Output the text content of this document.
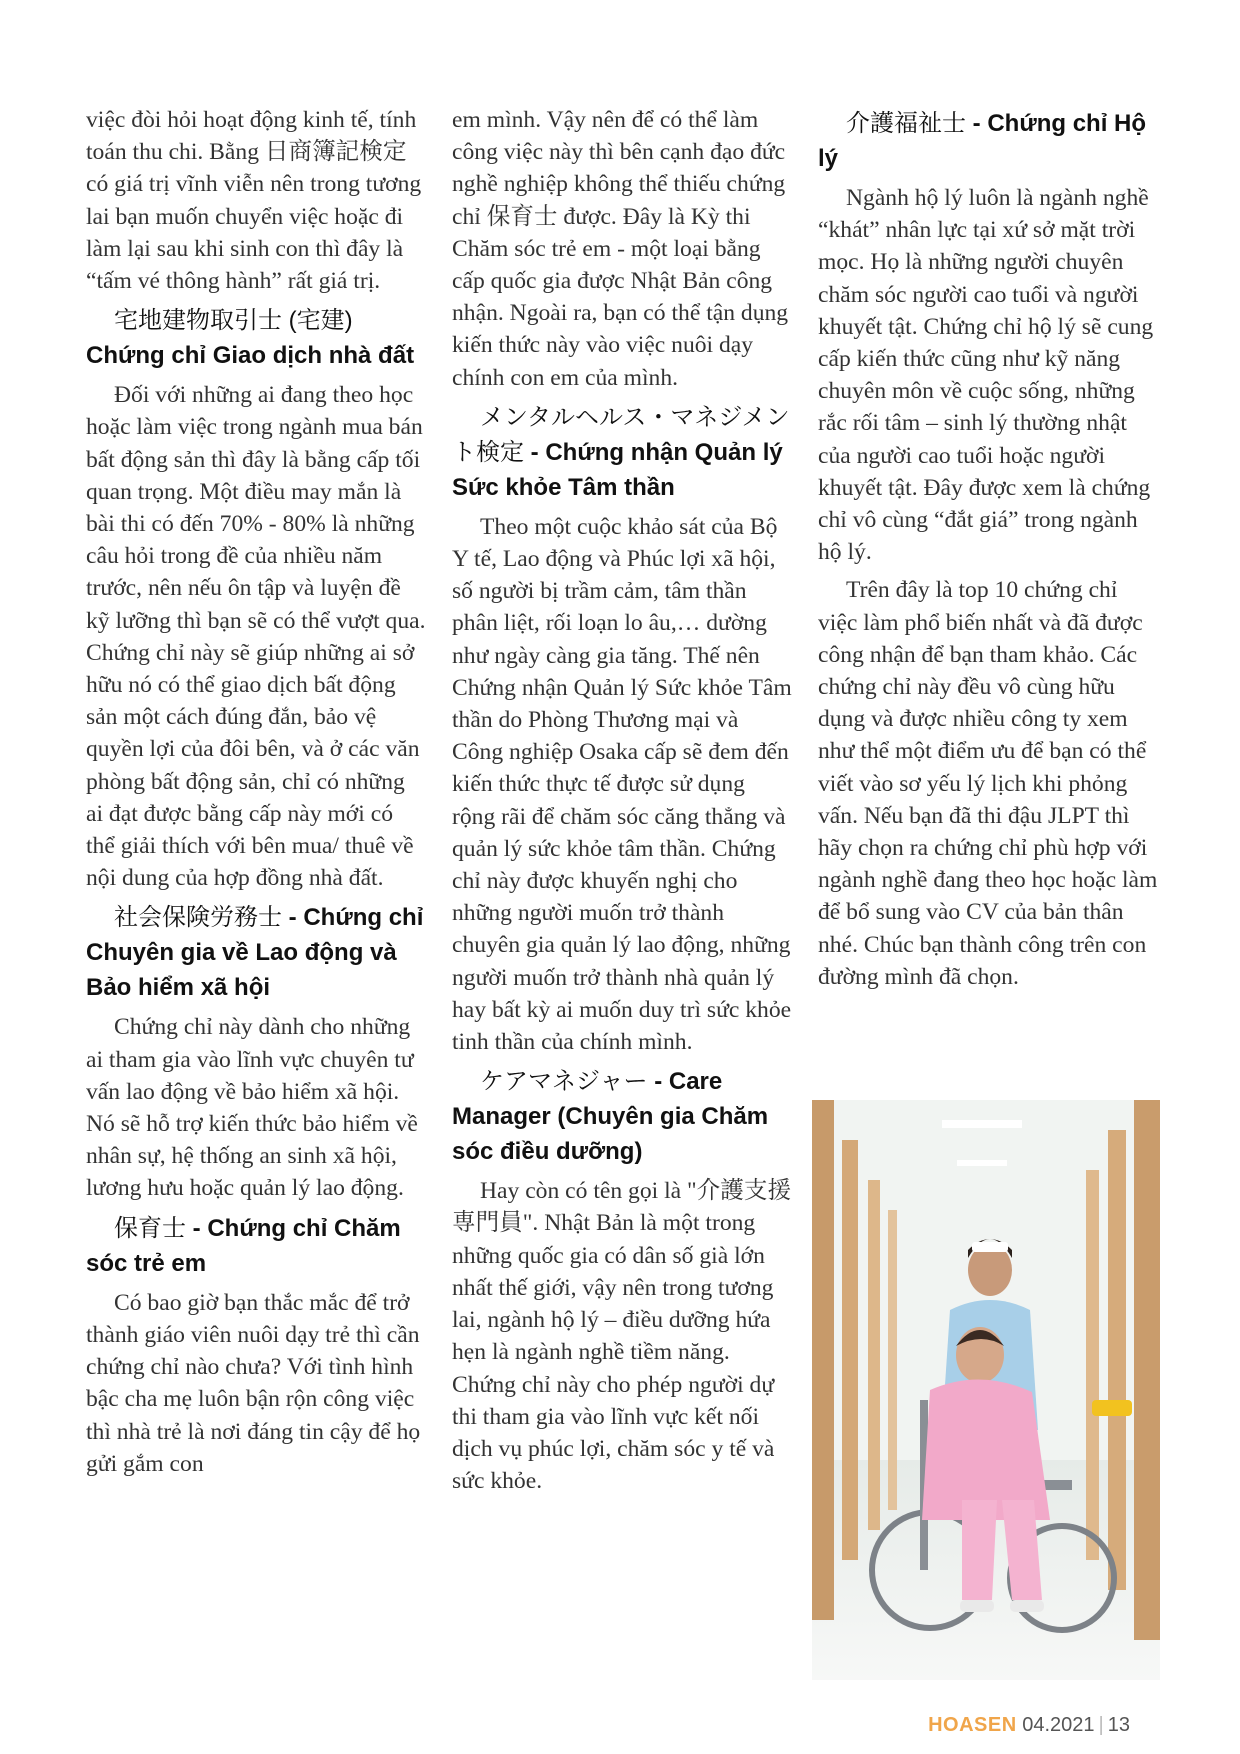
việc đòi hỏi hoạt động kinh tế, tính toán thu chi. Bằng 日商簿記検定có giá trị vĩnh viễn nên trong tương lai bạn muốn chuyển việc hoặc đi làm lại sau khi sinh con thì đây là “tấm vé thông hành” rất giá trị.

宅地建物取引士 (宅建)
Chứng chỉ Giao dịch nhà đất

Đối với những ai đang theo học hoặc làm việc trong ngành mua bán bất động sản thì đây là bằng cấp tối quan trọng. Một điều may mắn là bài thi có đến 70% - 80% là những câu hỏi trong đề của nhiều năm trước, nên nếu ôn tập và luyện đề kỹ lưỡng thì bạn sẽ có thể vượt qua. Chứng chỉ này sẽ giúp những ai sở hữu nó có thể giao dịch bất động sản một cách đúng đắn, bảo vệ quyền lợi của đôi bên, và ở các văn phòng bất động sản, chỉ có những ai đạt được bằng cấp này mới có thể giải thích với bên mua/ thuê về nội dung của hợp đồng nhà đất.

社会保険労務士 - Chứng chỉ Chuyên gia về Lao động và Bảo hiểm xã hội

Chứng chỉ này dành cho những ai tham gia vào lĩnh vực chuyên tư vấn lao động về bảo hiểm xã hội. Nó sẽ hỗ trợ kiến thức bảo hiểm về nhân sự, hệ thống an sinh xã hội, lương hưu hoặc quản lý lao động.

保育士 - Chứng chỉ Chăm sóc trẻ em

Có bao giờ bạn thắc mắc để trở thành giáo viên nuôi dạy trẻ thì cần chứng chỉ nào chưa? Với tình hình bậc cha mẹ luôn bận rộn công việc thì nhà trẻ là nơi đáng tin cậy để họ gửi gắm con

em mình. Vậy nên để có thể làm công việc này thì bên cạnh đạo đức nghề nghiệp không thể thiếu chứng chỉ 保育士 được. Đây là Kỳ thi Chăm sóc trẻ em - một loại bằng cấp quốc gia được Nhật Bản công nhận. Ngoài ra, bạn có thể tận dụng kiến thức này vào việc nuôi dạy chính con em của mình.

メンタルヘルス・マネジメント検定 - Chứng nhận Quản lý Sức khỏe Tâm thần

Theo một cuộc khảo sát của Bộ Y tế, Lao động và Phúc lợi xã hội, số người bị trầm cảm, tâm thần phân liệt, rối loạn lo âu,… dường như ngày càng gia tăng. Thế nên Chứng nhận Quản lý Sức khỏe Tâm thần do Phòng Thương mại và Công nghiệp Osaka cấp sẽ đem đến kiến thức thực tế được sử dụng rộng rãi để chăm sóc căng thẳng và quản lý sức khỏe tâm thần. Chứng chỉ này được khuyến nghị cho những người muốn trở thành chuyên gia quản lý lao động, những người muốn trở thành nhà quản lý hay bất kỳ ai muốn duy trì sức khỏe tinh thần của chính mình.

ケアマネジャー - Care Manager (Chuyên gia Chăm sóc điều dưỡng)

Hay còn có tên gọi là "介護支援専門員". Nhật Bản là một trong những quốc gia có dân số già lớn nhất thế giới, vậy nên trong tương lai, ngành hộ lý – điều dưỡng hứa hẹn là ngành nghề tiềm năng. Chứng chỉ này cho phép người dự thi tham gia vào lĩnh vực kết nối dịch vụ phúc lợi, chăm sóc y tế và sức khỏe.

介護福祉士 - Chứng chỉ Hộ lý

Ngành hộ lý luôn là ngành nghề “khát” nhân lực tại xứ sở mặt trời mọc. Họ là những người chuyên chăm sóc người cao tuổi và người khuyết tật. Chứng chỉ hộ lý sẽ cung cấp kiến thức cũng như kỹ năng chuyên môn về cuộc sống, những rắc rối tâm – sinh lý thường nhật của người cao tuổi hoặc người khuyết tật. Đây được xem là chứng chỉ vô cùng “đắt giá” trong ngành hộ lý.

Trên đây là top 10 chứng chỉ việc làm phổ biến nhất và đã được công nhận để bạn tham khảo. Các chứng chỉ này đều vô cùng hữu dụng và được nhiều công ty xem như thể một điểm ưu để bạn có thể viết vào sơ yếu lý lịch khi phỏng vấn. Nếu bạn đã thi đậu JLPT thì hãy chọn ra chứng chỉ phù hợp với ngành nghề đang theo học hoặc làm để bổ sung vào CV của bản thân nhé. Chúc bạn thành công trên con đường mình đã chọn.

HOASEN 04.2021 | 13
